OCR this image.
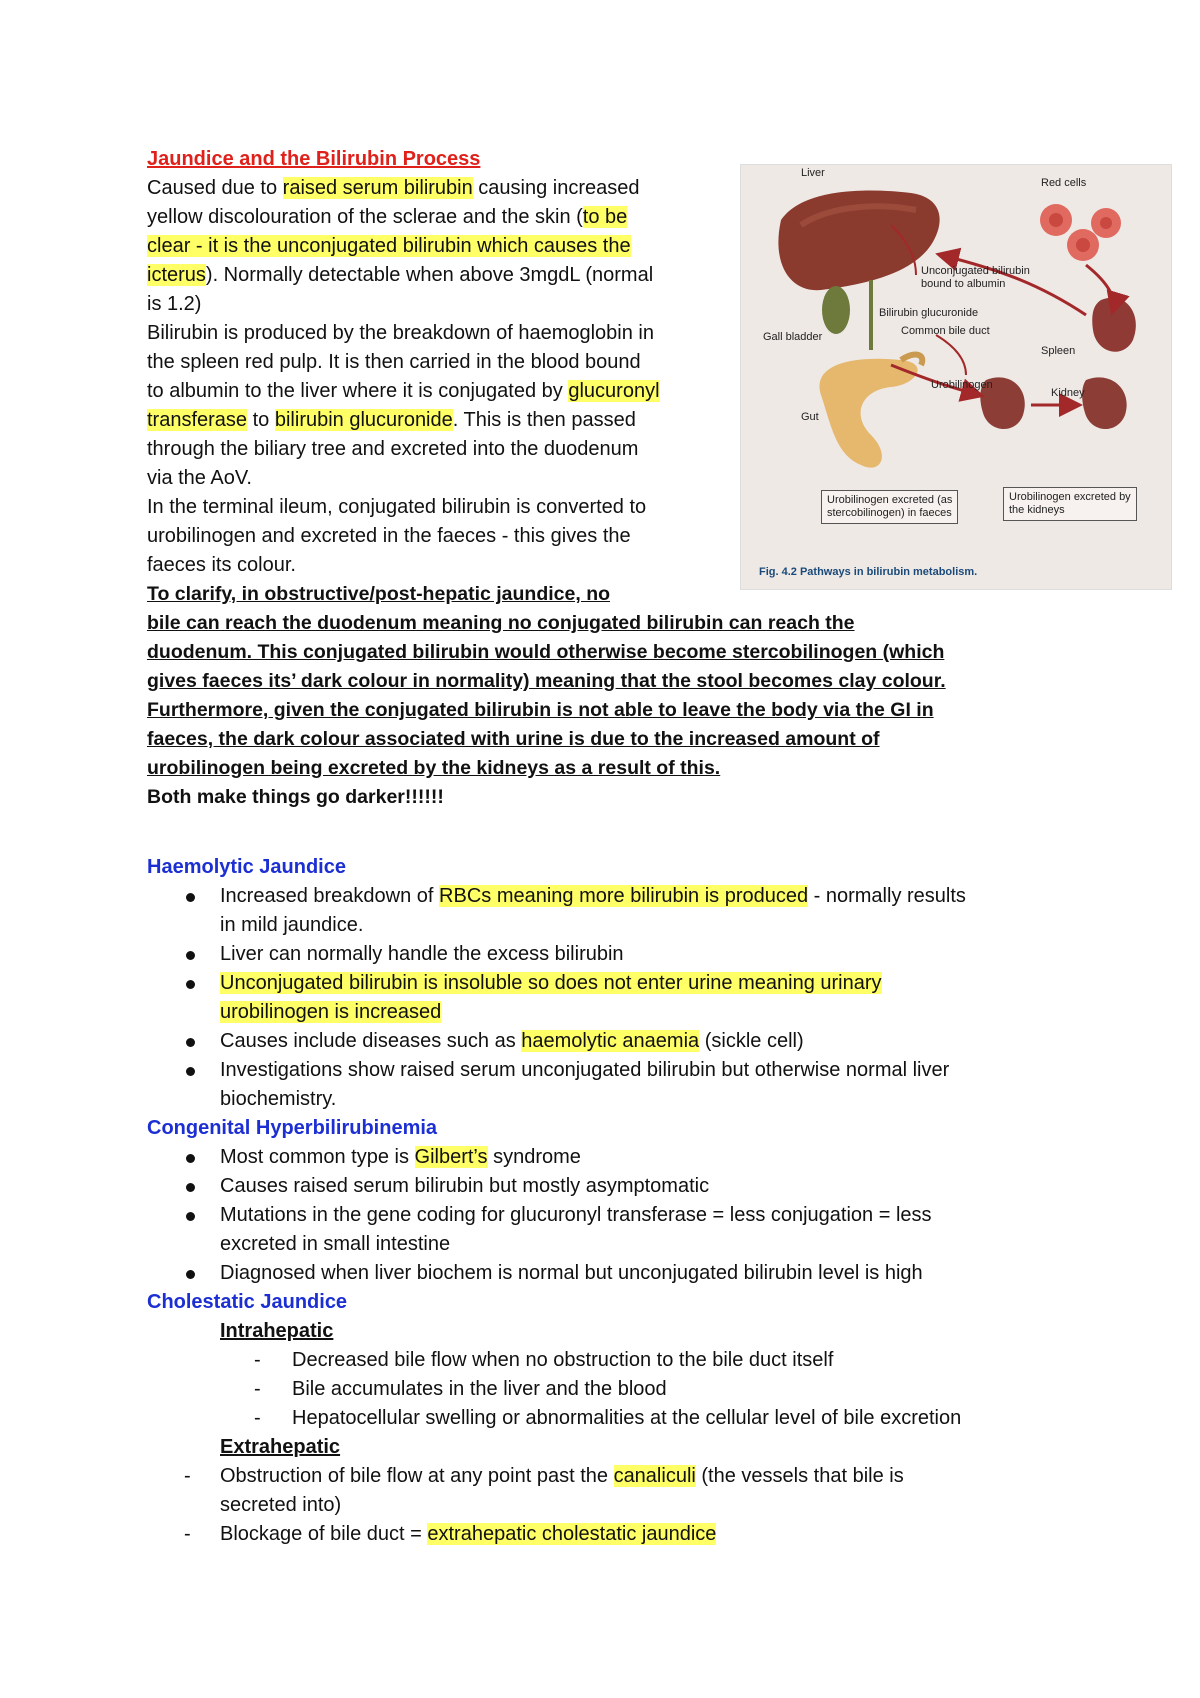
Jaundice and the Bilirubin Process
Caused due to raised serum bilirubin causing increased
yellow discolouration of the sclerae and the skin (to be
clear - it is the unconjugated bilirubin which causes the
icterus). Normally detectable when above 3mgdL (normal
is 1.2)
Bilirubin is produced by the breakdown of haemoglobin in
the spleen red pulp. It is then carried in the blood bound
to albumin to the liver where it is conjugated by glucuronyl
transferase to bilirubin glucuronide. This is then passed
through the biliary tree and excreted into the duodenum
via the AoV.
In the terminal ileum, conjugated bilirubin is converted to
urobilinogen and excreted in the faeces - this gives the
faeces its colour.
To clarify, in obstructive/post-hepatic jaundice, no
bile can reach the duodenum meaning no conjugated bilirubin can reach the
duodenum. This conjugated bilirubin would otherwise become stercobilinogen (which
gives faeces its’ dark colour in normality) meaning that the stool becomes clay colour.
Furthermore, given the conjugated bilirubin is not able to leave the body via the GI in
faeces, the dark colour associated with urine is due to the increased amount of
urobilinogen being excreted by the kidneys as a result of this.
Both make things go darker!!!!!!
Liver
Red cells
Unconjugated bilirubin
bound to albumin
Bilirubin glucuronide
Common bile duct
Gall bladder
Spleen
Urobilinogen
Kidney
Gut
Urobilinogen excreted (as
stercobilinogen) in faeces
Urobilinogen excreted by
the kidneys
Fig. 4.2 Pathways in bilirubin metabolism.
Haemolytic Jaundice
Increased breakdown of RBCs meaning more bilirubin is produced - normally results
in mild jaundice.
Liver can normally handle the excess bilirubin
Unconjugated bilirubin is insoluble so does not enter urine meaning urinary
urobilinogen is increased
Causes include diseases such as haemolytic anaemia (sickle cell)
Investigations show raised serum unconjugated bilirubin but otherwise normal liver
biochemistry.
Congenital Hyperbilirubinemia
Most common type is Gilbert’s syndrome
Causes raised serum bilirubin but mostly asymptomatic
Mutations in the gene coding for glucuronyl transferase = less conjugation = less
excreted in small intestine
Diagnosed when liver biochem is normal but unconjugated bilirubin level is high
Cholestatic Jaundice
Intrahepatic
- Decreased bile flow when no obstruction to the bile duct itself
- Bile accumulates in the liver and the blood
- Hepatocellular swelling or abnormalities at the cellular level of bile excretion
Extrahepatic
- Obstruction of bile flow at any point past the canaliculi (the vessels that bile is
secreted into)
- Blockage of bile duct = extrahepatic cholestatic jaundice
